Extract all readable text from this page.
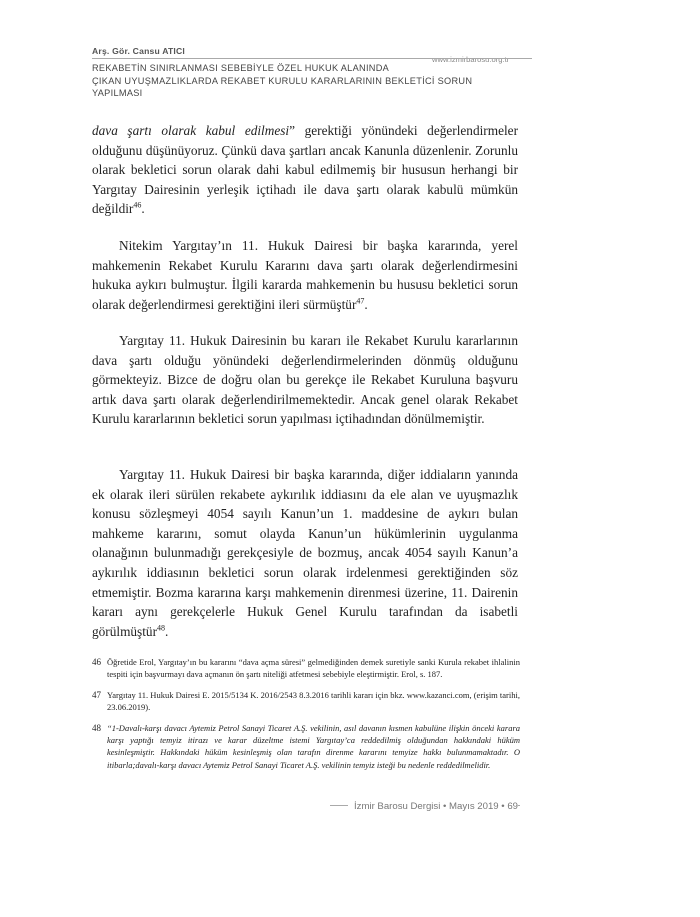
Arş. Gör. Cansu ATICI
www.izmirbarosu.org.tr
REKABETİN SINIRLANMASI SEBEBİYLE ÖZEL HUKUK ALANINDA
ÇIKAN UYUŞMAZLIKLARDA REKABET KURULU KARARLARININ BEKLETİCİ SORUN
YAPILMASI

dava şartı olarak kabul edilmesi” gerektiği yönündeki değerlendirmeler olduğunu düşünüyoruz. Çünkü dava şartları ancak Kanunla düzenlenir. Zorunlu olarak bekletici sorun olarak dahi kabul edilmemiş bir hususun herhangi bir Yargıtay Dairesinin yerleşik içtihadı ile dava şartı olarak kabulü mümkün değildir$^{46}$.

Nitekim Yargıtay’ın 11. Hukuk Dairesi bir başka kararında, yerel mahkemenin Rekabet Kurulu Kararını dava şartı olarak değerlendirmesini hukuka aykırı bulmuştur. İlgili kararda mahkemenin bu hususu bekletici sorun olarak değerlendirmesi gerektiğini ileri sürmüştür$^{47}$.

Yargıtay 11. Hukuk Dairesinin bu kararı ile Rekabet Kurulu kararlarının dava şartı olduğu yönündeki değerlendirmelerinden dönmüş olduğunu görmekteyiz. Bizce de doğru olan bu gerekçe ile Rekabet Kuruluna başvuru artık dava şartı olarak değerlendirilmemektedir. Ancak genel olarak Rekabet Kurulu kararlarının bekletici sorun yapılması içtihadından dönülmemiştir.

Yargıtay 11. Hukuk Dairesi bir başka kararında, diğer iddiaların yanında ek olarak ileri sürülen rekabete aykırılık iddiasını da ele alan ve uyuşmazlık konusu sözleşmeyi 4054 sayılı Kanun’un 1. maddesine de aykırı bulan mahkeme kararını, somut olayda Kanun’un hükümlerinin uygulanma olanağının bulunmadığı gerekçesiyle de bozmuş, ancak 4054 sayılı Kanun’a aykırılık iddiasının bekletici sorun olarak irdelenmesi gerektiğinden söz etmemiştir. Bozma kararına karşı mahkemenin direnmesi üzerine, 11. Dairenin kararı aynı gerekçelerle Hukuk Genel Kurulu tarafından da isabetli görülmüştür$^{48}$.

46 Öğretide Erol, Yargıtay’ın bu kararını “dava açma süresi” gelmediğinden demek suretiyle sanki Kurula rekabet ihlalinin tespiti için başvurmayı dava açmanın ön şartı niteliği atfetmesi sebebiyle eleştirmiştir. Erol, s. 187.
47 Yargıtay 11. Hukuk Dairesi E. 2015/5134 K. 2016/2543 8.3.2016 tarihli kararı için bkz. www.kazanci.com, (erişim tarihi, 23.06.2019).
48 “1-Davalı-karşı davacı Aytemiz Petrol Sanayi Ticaret A.Ş. vekilinin, asıl davanın kısmen kabulüne ilişkin önceki karara karşı yaptığı temyiz itirazı ve karar düzeltme istemi Yargıtay’ca reddedilmiş olduğundan hakkındaki hüküm kesinleşmiştir. Hakkındaki hüküm kesinleşmiş olan tarafın direnme kararını temyize hakkı bulunmamaktadır. O itibarla;davalı-karşı davacı Aytemiz Petrol Sanayi Ticaret A.Ş. vekilinin temyiz isteği bu nedenle reddedilmelidir.
İzmir Barosu Dergisi • Mayıs 2019 • 69
